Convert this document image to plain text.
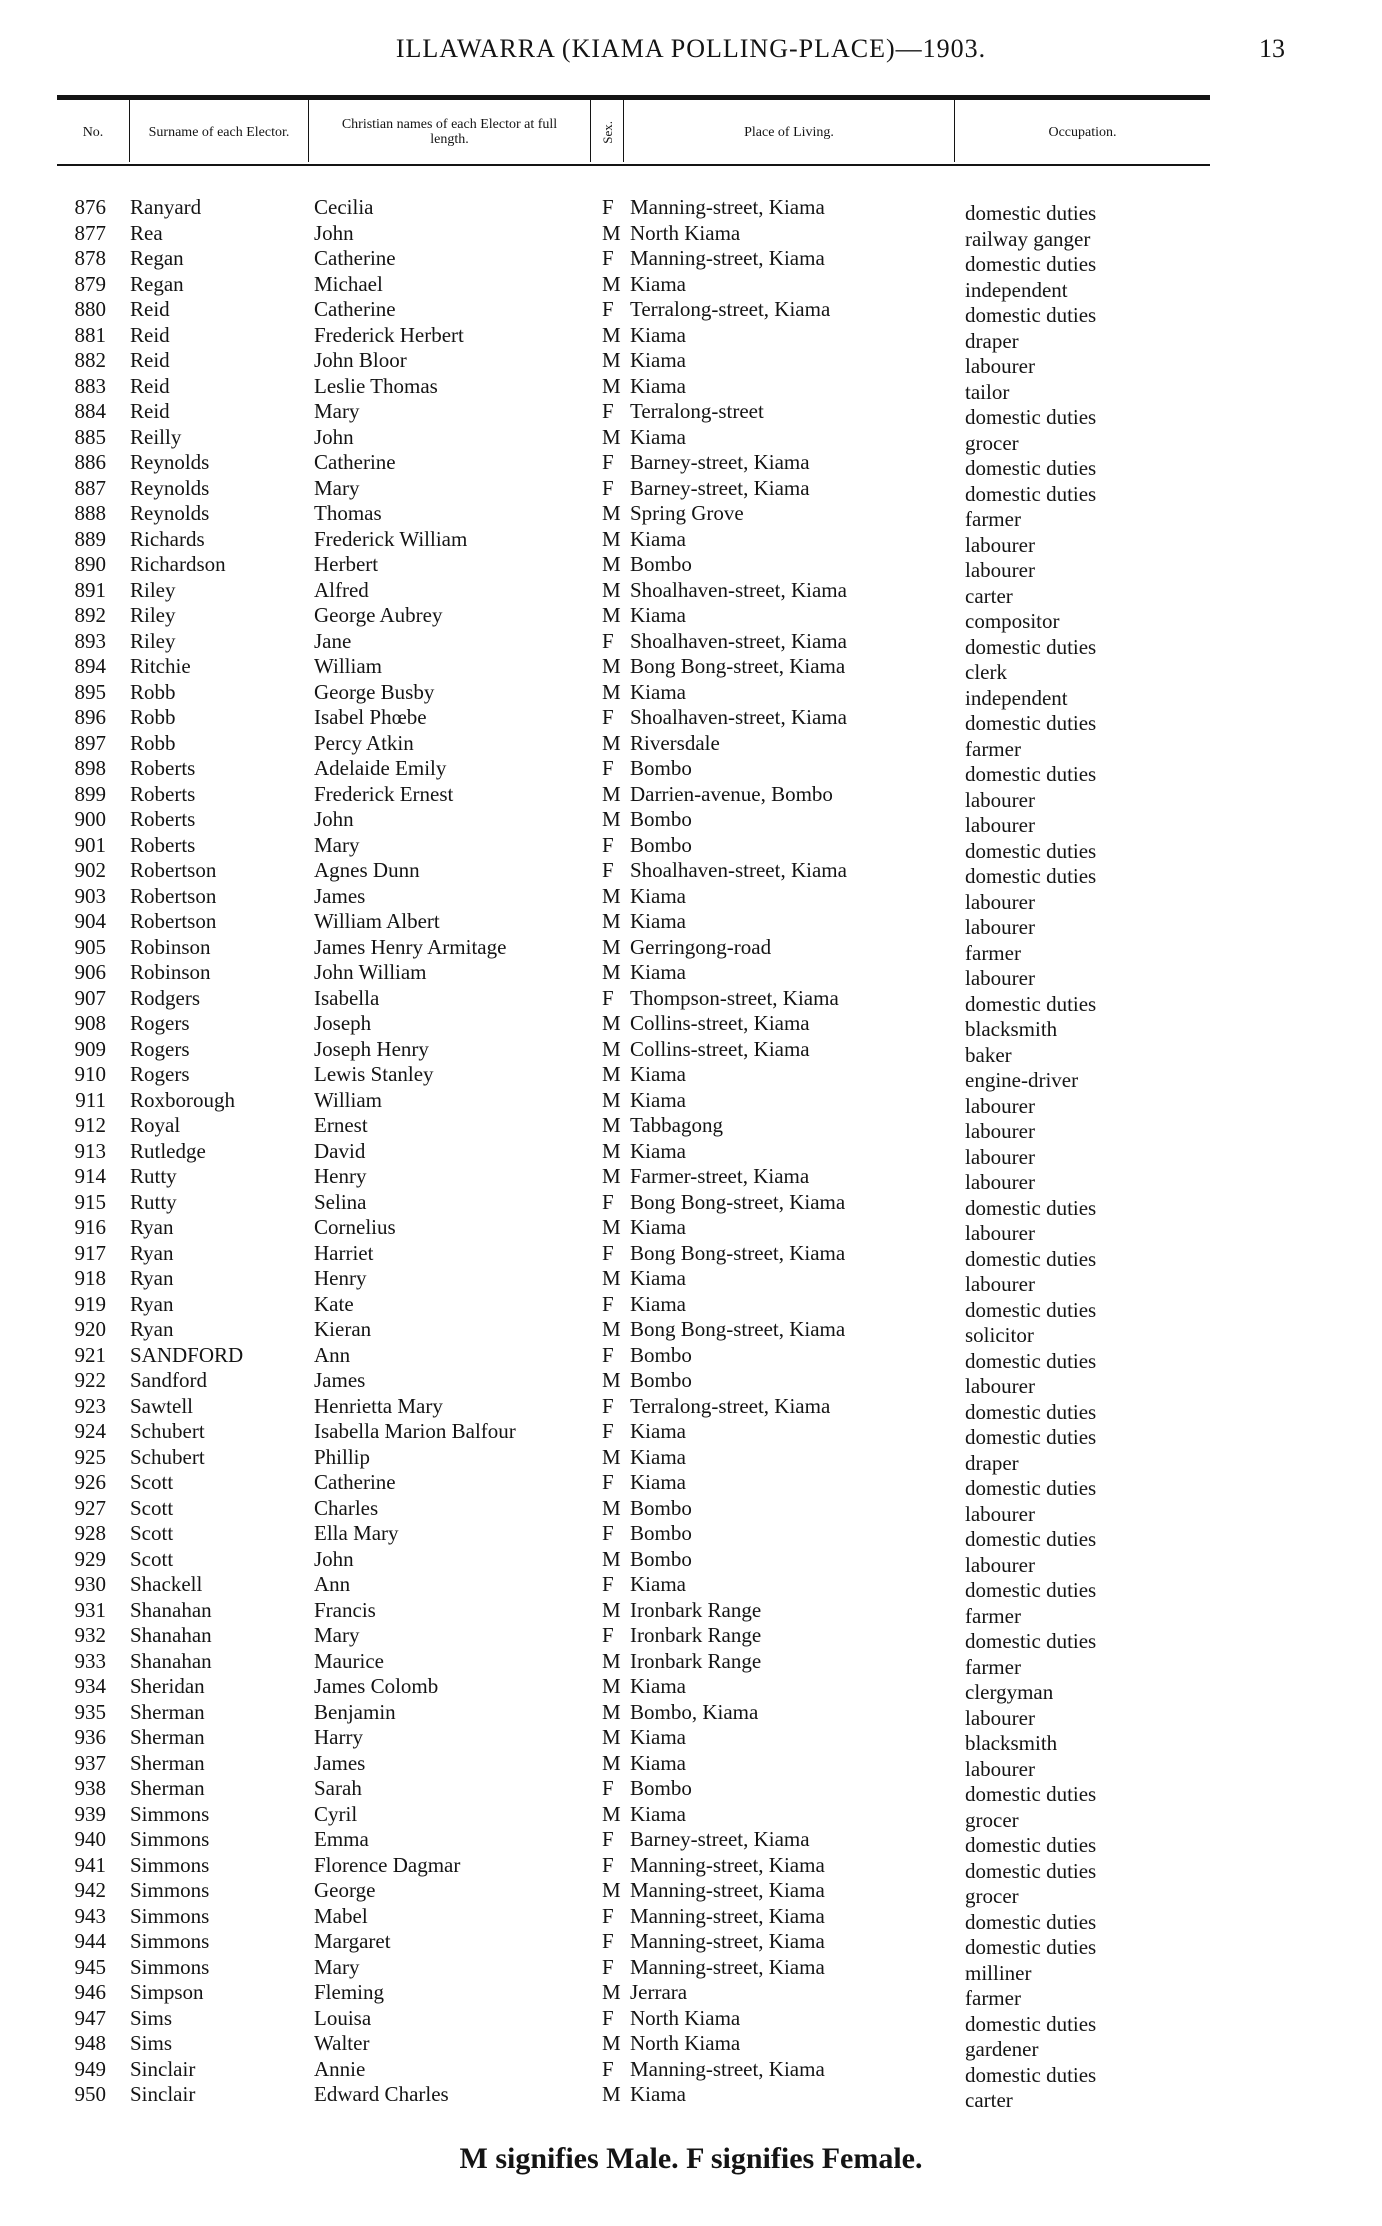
ILLAWARRA (KIAMA POLLING-PLACE)—1903.	13
No.	Surname of each Elector.	Christian names of each Elector at full length.	Sex.	Place of Living.	Occupation.
876 Ranyard	Cecilia	F Manning-street, Kiama	domestic duties
877 Rea	John	M North Kiama	railway ganger
878 Regan	Catherine	F Manning-street, Kiama	domestic duties
879 Regan	Michael	M Kiama	independent
880 Reid	Catherine	F Terralong-street, Kiama	domestic duties
881 Reid	Frederick Herbert	M Kiama	draper
882 Reid	John Bloor	M Kiama	labourer
883 Reid	Leslie Thomas	M Kiama	tailor
884 Reid	Mary	F Terralong-street	domestic duties
885 Reilly	John	M Kiama	grocer
886 Reynolds	Catherine	F Barney-street, Kiama	domestic duties
887 Reynolds	Mary	F Barney-street, Kiama	domestic duties
888 Reynolds	Thomas	M Spring Grove	farmer
889 Richards	Frederick William	M Kiama	labourer
890 Richardson	Herbert	M Bombo	labourer
891 Riley	Alfred	M Shoalhaven-street, Kiama	carter
892 Riley	George Aubrey	M Kiama	compositor
893 Riley	Jane	F Shoalhaven-street, Kiama	domestic duties
894 Ritchie	William	M Bong Bong-street, Kiama	clerk
895 Robb	George Busby	M Kiama	independent
896 Robb	Isabel Phœbe	F Shoalhaven-street, Kiama	domestic duties
897 Robb	Percy Atkin	M Riversdale	farmer
898 Roberts	Adelaide Emily	F Bombo	domestic duties
899 Roberts	Frederick Ernest	M Darrien-avenue, Bombo	labourer
900 Roberts	John	M Bombo	labourer
901 Roberts	Mary	F Bombo	domestic duties
902 Robertson	Agnes Dunn	F Shoalhaven-street, Kiama	domestic duties
903 Robertson	James	M Kiama	labourer
904 Robertson	William Albert	M Kiama	labourer
905 Robinson	James Henry Armitage	M Gerringong-road	farmer
906 Robinson	John William	M Kiama	labourer
907 Rodgers	Isabella	F Thompson-street, Kiama	domestic duties
908 Rogers	Joseph	M Collins-street, Kiama	blacksmith
909 Rogers	Joseph Henry	M Collins-street, Kiama	baker
910 Rogers	Lewis Stanley	M Kiama	engine-driver
911 Roxborough	William	M Kiama	labourer
912 Royal	Ernest	M Tabbagong	labourer
913 Rutledge	David	M Kiama	labourer
914 Rutty	Henry	M Farmer-street, Kiama	labourer
915 Rutty	Selina	F Bong Bong-street, Kiama	domestic duties
916 Ryan	Cornelius	M Kiama	labourer
917 Ryan	Harriet	F Bong Bong-street, Kiama	domestic duties
918 Ryan	Henry	M Kiama	labourer
919 Ryan	Kate	F Kiama	domestic duties
920 Ryan	Kieran	M Bong Bong-street, Kiama	solicitor
921 SANDFORD	Ann	F Bombo	domestic duties
922 Sandford	James	M Bombo	labourer
923 Sawtell	Henrietta Mary	F Terralong-street, Kiama	domestic duties
924 Schubert	Isabella Marion Balfour	F Kiama	domestic duties
925 Schubert	Phillip	M Kiama	draper
926 Scott	Catherine	F Kiama	domestic duties
927 Scott	Charles	M Bombo	labourer
928 Scott	Ella Mary	F Bombo	domestic duties
929 Scott	John	M Bombo	labourer
930 Shackell	Ann	F Kiama	domestic duties
931 Shanahan	Francis	M Ironbark Range	farmer
932 Shanahan	Mary	F Ironbark Range	domestic duties
933 Shanahan	Maurice	M Ironbark Range	farmer
934 Sheridan	James Colomb	M Kiama	clergyman
935 Sherman	Benjamin	M Bombo, Kiama	labourer
936 Sherman	Harry	M Kiama	blacksmith
937 Sherman	James	M Kiama	labourer
938 Sherman	Sarah	F Bombo	domestic duties
939 Simmons	Cyril	M Kiama	grocer
940 Simmons	Emma	F Barney-street, Kiama	domestic duties
941 Simmons	Florence Dagmar	F Manning-street, Kiama	domestic duties
942 Simmons	George	M Manning-street, Kiama	grocer
943 Simmons	Mabel	F Manning-street, Kiama	domestic duties
944 Simmons	Margaret	F Manning-street, Kiama	domestic duties
945 Simmons	Mary	F Manning-street, Kiama	milliner
946 Simpson	Fleming	M Jerrara	farmer
947 Sims	Louisa	F North Kiama	domestic duties
948 Sims	Walter	M North Kiama	gardener
949 Sinclair	Annie	F Manning-street, Kiama	domestic duties
950 Sinclair	Edward Charles	M Kiama	carter
M signifies Male. F signifies Female.
